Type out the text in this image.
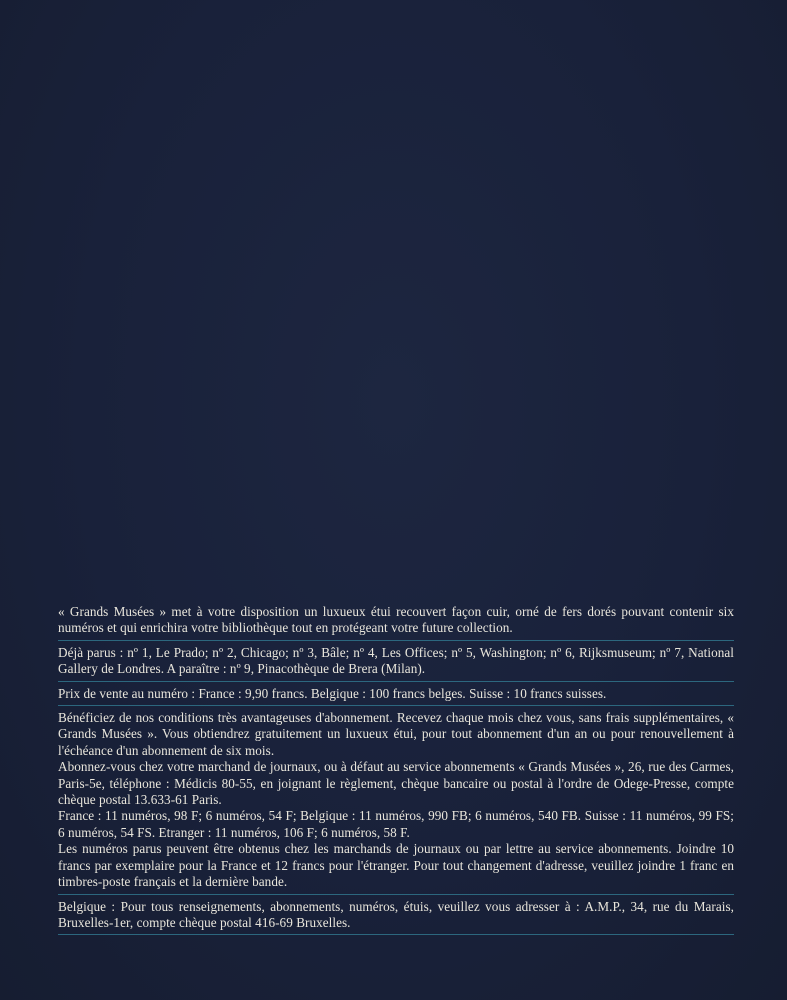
« Grands Musées » met à votre disposition un luxueux étui recouvert façon cuir, orné de fers dorés pouvant contenir six numéros et qui enrichira votre bibliothèque tout en protégeant votre future collection.

Déjà parus : nº 1, Le Prado; nº 2, Chicago; nº 3, Bâle; nº 4, Les Offices; nº 5, Washington; nº 6, Rijksmuseum; nº 7, National Gallery de Londres. A paraître : nº 9, Pinacothèque de Brera (Milan).

Prix de vente au numéro : France : 9,90 francs. Belgique : 100 francs belges. Suisse : 10 francs suisses.

Bénéficiez de nos conditions très avantageuses d'abonnement. Recevez chaque mois chez vous, sans frais supplémentaires, « Grands Musées ». Vous obtiendrez gratuitement un luxueux étui, pour tout abonnement d'un an ou pour renouvellement à l'échéance d'un abonnement de six mois.

Abonnez-vous chez votre marchand de journaux, ou à défaut au service abonnements « Grands Musées », 26, rue des Carmes, Paris-5e, téléphone : Médicis 80-55, en joignant le règlement, chèque bancaire ou postal à l'ordre de Odege-Presse, compte chèque postal 13.633-61 Paris.

France : 11 numéros, 98 F; 6 numéros, 54 F; Belgique : 11 numéros, 990 FB; 6 numéros, 540 FB. Suisse : 11 numéros, 99 FS; 6 numéros, 54 FS. Etranger : 11 numéros, 106 F; 6 numéros, 58 F.

Les numéros parus peuvent être obtenus chez les marchands de journaux ou par lettre au service abonnements. Joindre 10 francs par exemplaire pour la France et 12 francs pour l'étranger. Pour tout changement d'adresse, veuillez joindre 1 franc en timbres-poste français et la dernière bande.

Belgique : Pour tous renseignements, abonnements, numéros, étuis, veuillez vous adresser à : A.M.P., 34, rue du Marais, Bruxelles-1er, compte chèque postal 416-69 Bruxelles.
